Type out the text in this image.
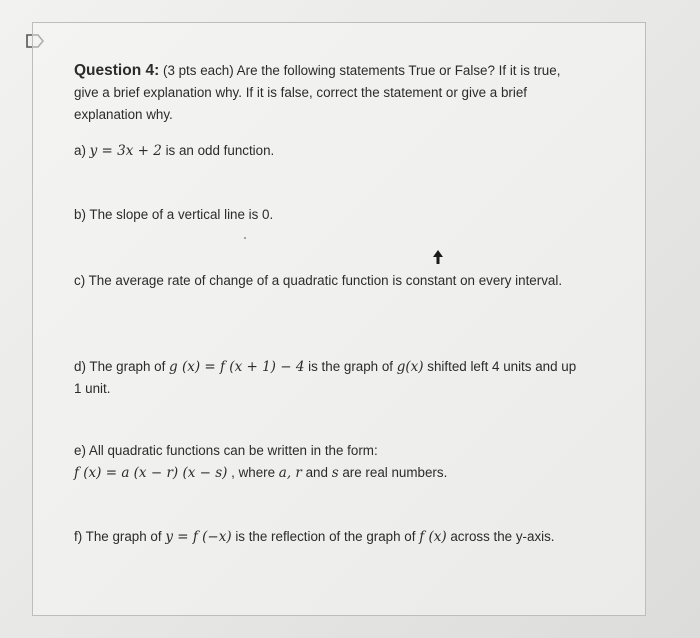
Question 4: (3 pts each) Are the following statements True or False? If it is true, give a brief explanation why. If it is false, correct the statement or give a brief explanation why.

a) y = 3x + 2 is an odd function.
b) The slope of a vertical line is 0.
c) The average rate of change of a quadratic function is constant on every interval.
d) The graph of g (x) = f (x + 1) − 4 is the graph of g(x) shifted left 4 units and up 1 unit.
e) All quadratic functions can be written in the form:
f (x) = a (x − r) (x − s) , where a, r and s are real numbers.
f) The graph of y = f (−x) is the reflection of the graph of f (x) across the y-axis.
